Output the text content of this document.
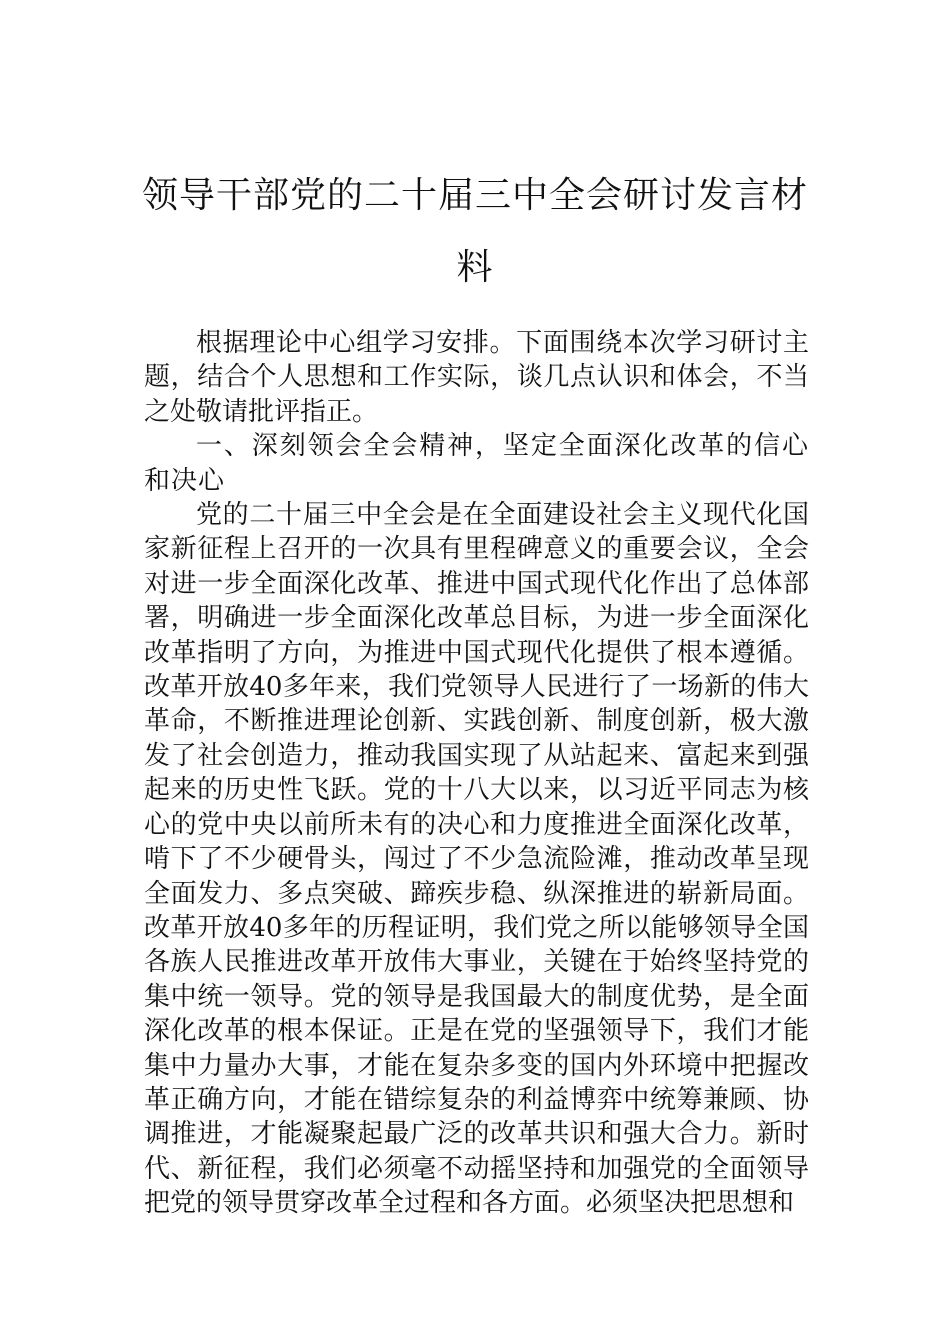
领导干部党的二十届三中全会研讨发言材料

根据理论中心组学习安排。下面围绕本次学习研讨主题，结合个人思想和工作实际，谈几点认识和体会，不当之处敬请批评指正。

一、深刻领会全会精神，坚定全面深化改革的信心和决心

党的二十届三中全会是在全面建设社会主义现代化国家新征程上召开的一次具有里程碑意义的重要会议，全会对进一步全面深化改革、推进中国式现代化作出了总体部署，明确进一步全面深化改革总目标，为进一步全面深化改革指明了方向，为推进中国式现代化提供了根本遵循。改革开放40多年来，我们党领导人民进行了一场新的伟大革命，不断推进理论创新、实践创新、制度创新，极大激发了社会创造力，推动我国实现了从站起来、富起来到强起来的历史性飞跃。党的十八大以来，以习近平同志为核心的党中央以前所未有的决心和力度推进全面深化改革，啃下了不少硬骨头，闯过了不少急流险滩，推动改革呈现全面发力、多点突破、蹄疾步稳、纵深推进的崭新局面。改革开放40多年的历程证明，我们党之所以能够领导全国各族人民推进改革开放伟大事业，关键在于始终坚持党的集中统一领导。党的领导是我国最大的制度优势，是全面深化改革的根本保证。正是在党的坚强领导下，我们才能集中力量办大事，才能在复杂多变的国内外环境中把握改革正确方向，才能在错综复杂的利益博弈中统筹兼顾、协调推进，才能凝聚起最广泛的改革共识和强大合力。新时代、新征程，我们必须毫不动摇坚持和加强党的全面领导把党的领导贯穿改革全过程和各方面。必须坚决把思想和
